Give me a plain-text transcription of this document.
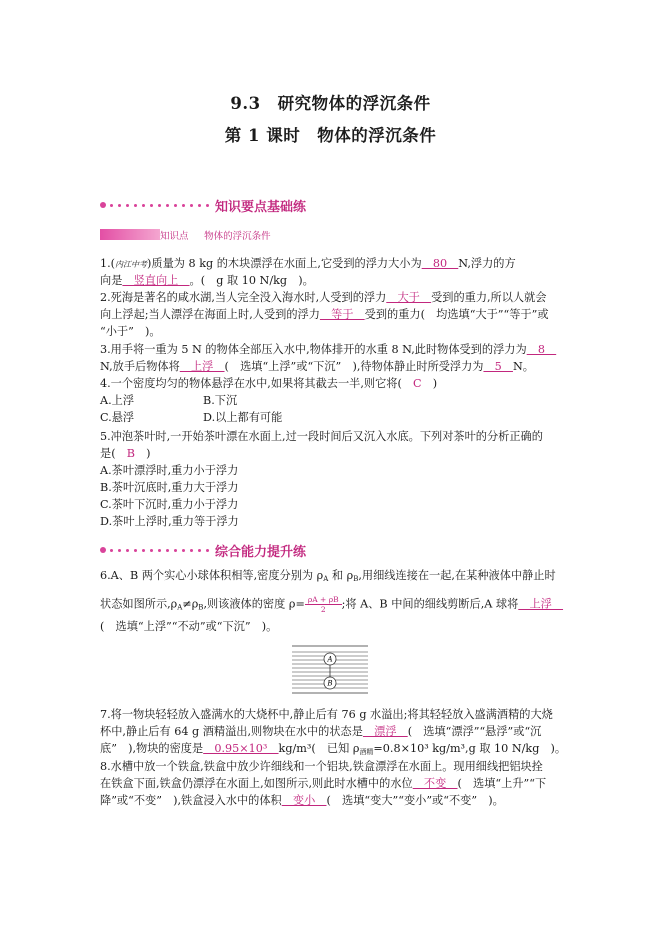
9.3　研究物体的浮沉条件
第 1 课时　物体的浮沉条件
知识要点基础练
知识点 　 物体的浮沉条件
1.(内江中考)质量为 8 kg 的木块漂浮在水面上,它受到的浮力大小为　80　N,浮力的方
向是　竖直向上　。(　g 取 10 N/kg　)。
2.死海是著名的咸水湖,当人完全没入海水时,人受到的浮力　大于　受到的重力,所以人就会
向上浮起;当人漂浮在海面上时,人受到的浮力　等于　受到的重力(　均选填“大于”“等于”或
“小于”　)。
3.用手将一重为 5 N 的物体全部压入水中,物体排开的水重 8 N,此时物体受到的浮力为　8　
N,放手后物体将　上浮　(　选填“上浮”或“下沉”　),待物体静止时所受浮力为　5　N。
4.一个密度均匀的物体悬浮在水中,如果将其截去一半,则它将(　C　)
A.上浮	B.下沉
C.悬浮	D.以上都有可能
5.冲泡茶叶时,一开始茶叶漂在水面上,过一段时间后又沉入水底。下列对茶叶的分析正确的
是(　B　)
A.茶叶漂浮时,重力小于浮力
B.茶叶沉底时,重力大于浮力
C.茶叶下沉时,重力小于浮力
D.茶叶上浮时,重力等于浮力
综合能力提升练
6.A、B 两个实心小球体积相等,密度分别为 $\rho_A$ 和 $\rho_B$,用细线连接在一起,在某种液体中静止时
状态如图所示$,\rho_A\ne\rho_B$,则该液体的密度 $\rho= \frac{\rho A + \rho B}{2}$ ;将 A、B 中间的细线剪断后,A 球将　上浮　
(　选填“上浮”“不动”或“下沉”　)。
A
B
7.将一物块轻轻放入盛满水的大烧杯中,静止后有 76 g 水溢出;将其轻轻放入盛满酒精的大烧
杯中,静止后有 64 g 酒精溢出,则物块在水中的状态是　漂浮　(　选填“漂浮”“悬浮”或“沉
底”　),物块的密度是　0.95×10³　kg/m³(　已知 $\rho_{酒精}=0.8\times 10^3$ kg/m³,g 取 10 N/kg　)。
8.水槽中放一个铁盒,铁盒中放少许细线和一个铝块,铁盒漂浮在水面上。现用细线把铝块拴
在铁盒下面,铁盒仍漂浮在水面上,如图所示,则此时水槽中的水位　不变　(　选填“上升”“下
降”或“不变”　),铁盒浸入水中的体积　变小　(　选填“变大”“变小”或“不变”　)。
